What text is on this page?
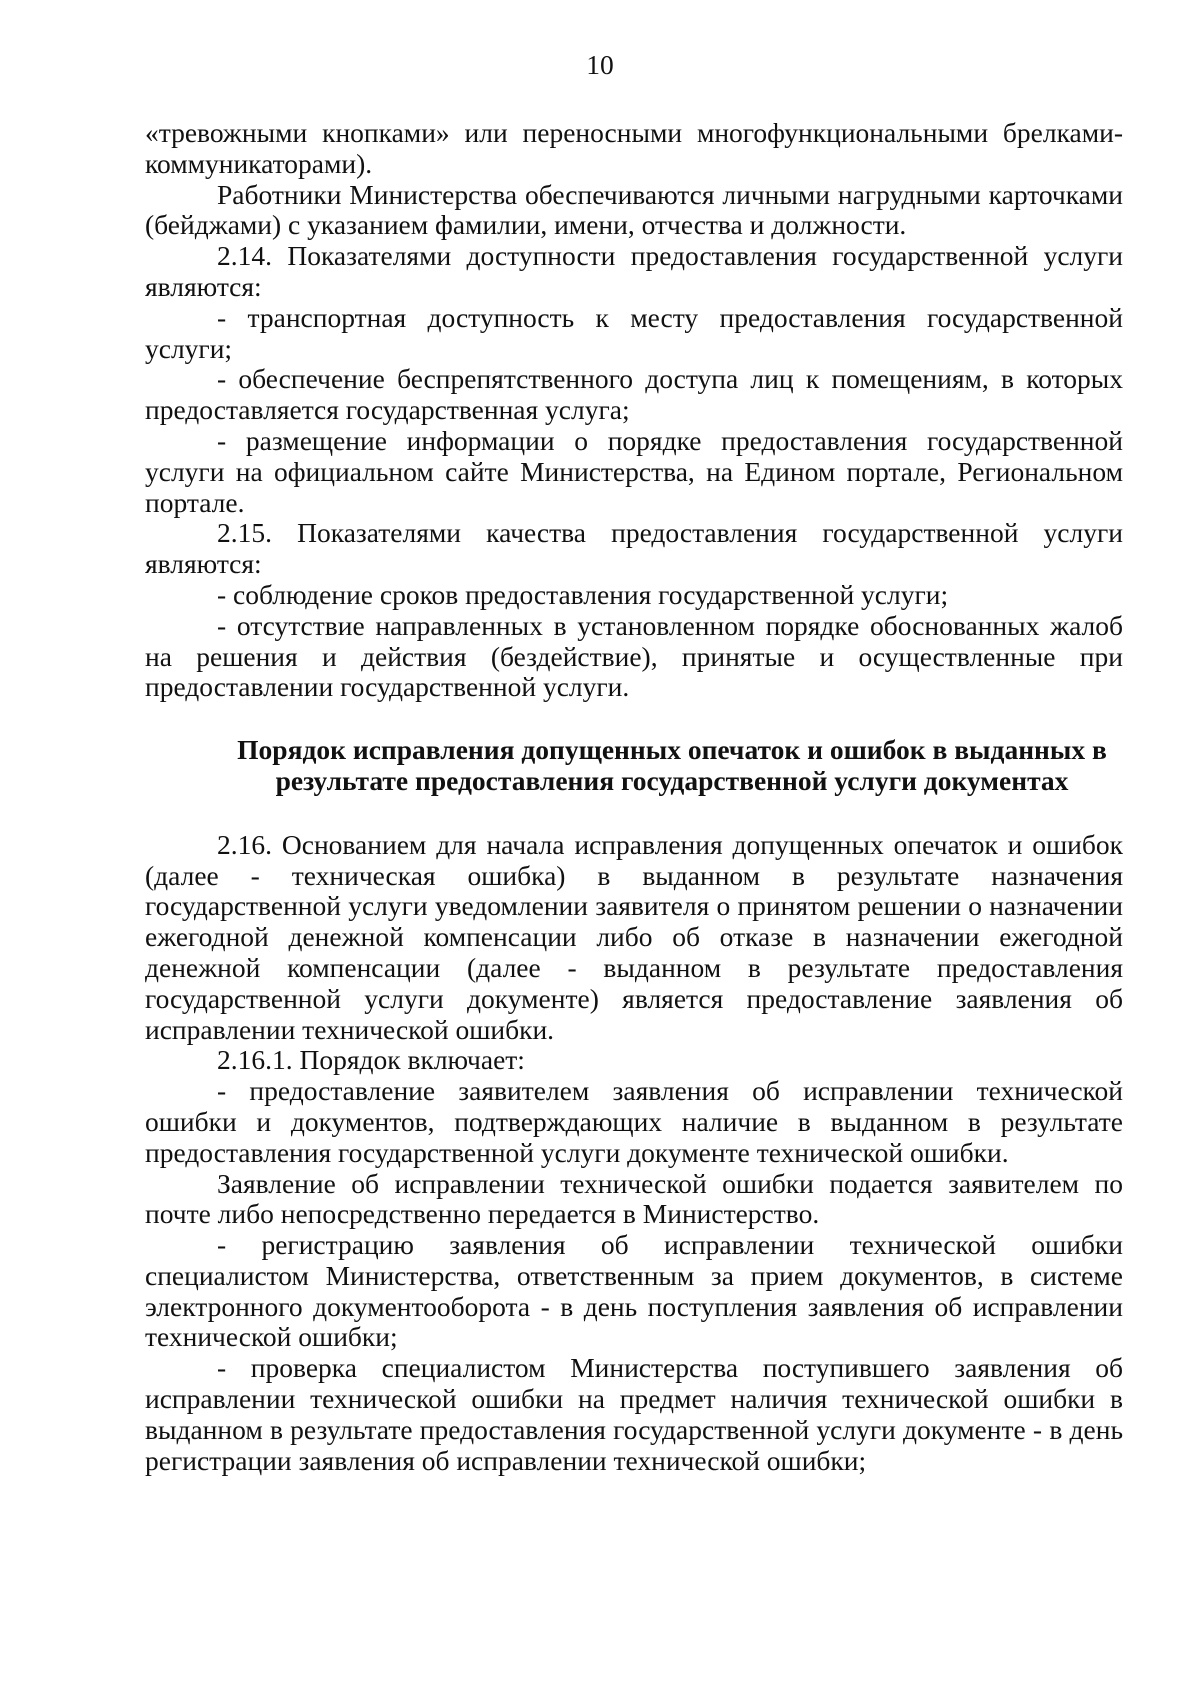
10

«тревожными кнопками» или переносными многофункциональными брелками-коммуникаторами).

Работники Министерства обеспечиваются личными нагрудными карточками (бейджами) с указанием фамилии, имени, отчества и должности.

2.14. Показателями доступности предоставления государственной услуги являются:

- транспортная доступность к месту предоставления государственной услуги;

- обеспечение беспрепятственного доступа лиц к помещениям, в которых предоставляется государственная услуга;

- размещение информации о порядке предоставления государственной услуги на официальном сайте Министерства, на Едином портале, Региональном портале.

2.15. Показателями качества предоставления государственной услуги являются:

- соблюдение сроков предоставления государственной услуги;

- отсутствие направленных в установленном порядке обоснованных жалоб на решения и действия (бездействие), принятые и осуществленные при предоставлении государственной услуги.

Порядок исправления допущенных опечаток и ошибок в выданных в результате предоставления государственной услуги документах

2.16. Основанием для начала исправления допущенных опечаток и ошибок (далее - техническая ошибка) в выданном в результате назначения государственной услуги уведомлении заявителя о принятом решении о назначении ежегодной денежной компенсации либо об отказе в назначении ежегодной денежной компенсации (далее - выданном в результате предоставления государственной услуги документе) является предоставление заявления об исправлении технической ошибки.

2.16.1. Порядок включает:

- предоставление заявителем заявления об исправлении технической ошибки и документов, подтверждающих наличие в выданном в результате предоставления государственной услуги документе технической ошибки.

Заявление об исправлении технической ошибки подается заявителем по почте либо непосредственно передается в Министерство.

- регистрацию заявления об исправлении технической ошибки специалистом Министерства, ответственным за прием документов, в системе электронного документооборота - в день поступления заявления об исправлении технической ошибки;

- проверка специалистом Министерства поступившего заявления об исправлении технической ошибки на предмет наличия технической ошибки в выданном в результате предоставления государственной услуги документе - в день регистрации заявления об исправлении технической ошибки;
